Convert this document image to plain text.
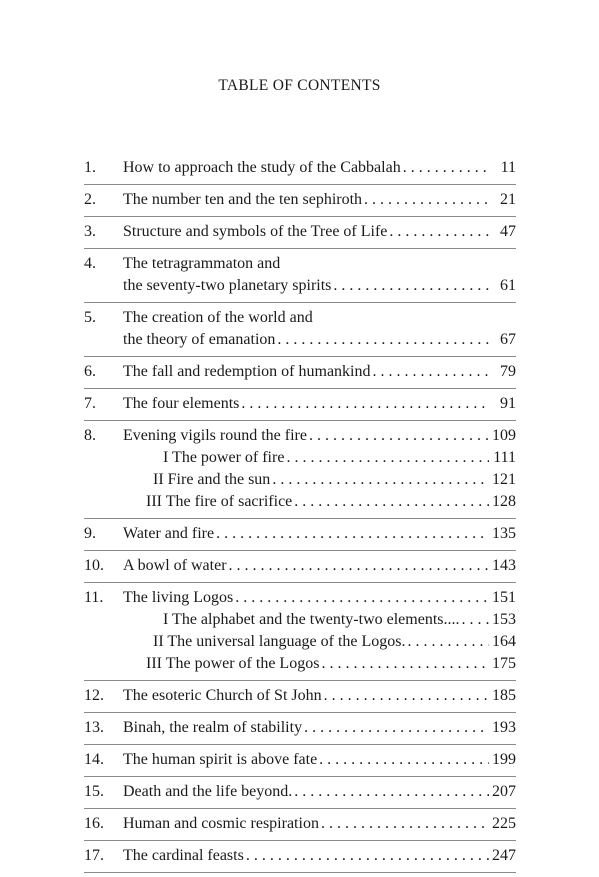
TABLE OF CONTENTS
1.	How to approach the study of the Cabbalah . . .	11
2.	The number ten and the ten sephiroth . . .	21
3.	Structure and symbols of the Tree of Life . . .	47
4.	The tetragrammaton and
the seventy-two planetary spirits . . .	61
5.	The creation of the world and
the theory of emanation . . .	67
6.	The fall and redemption of humankind . . .	79
7.	The four elements . . .	91
8.	Evening vigils round the fire . . .	109
I The power of fire . . .	111
II Fire and the sun . . .	121
III The fire of sacrifice . . .	128
9.	Water and fire . . .	135
10.	A bowl of water . . .	143
11.	The living Logos . . .	151
I The alphabet and the twenty-two elements.... . . . 153
II The universal language of the Logos. . . .	164
III The power of the Logos . . .	175
12.	The esoteric Church of St John . . .	185
13.	Binah, the realm of stability . . .	193
14.	The human spirit is above fate . . .	199
15.	Death and the life beyond. . . .	207
16.	Human and cosmic respiration . . .	225
17.	The cardinal feasts . . .	247
